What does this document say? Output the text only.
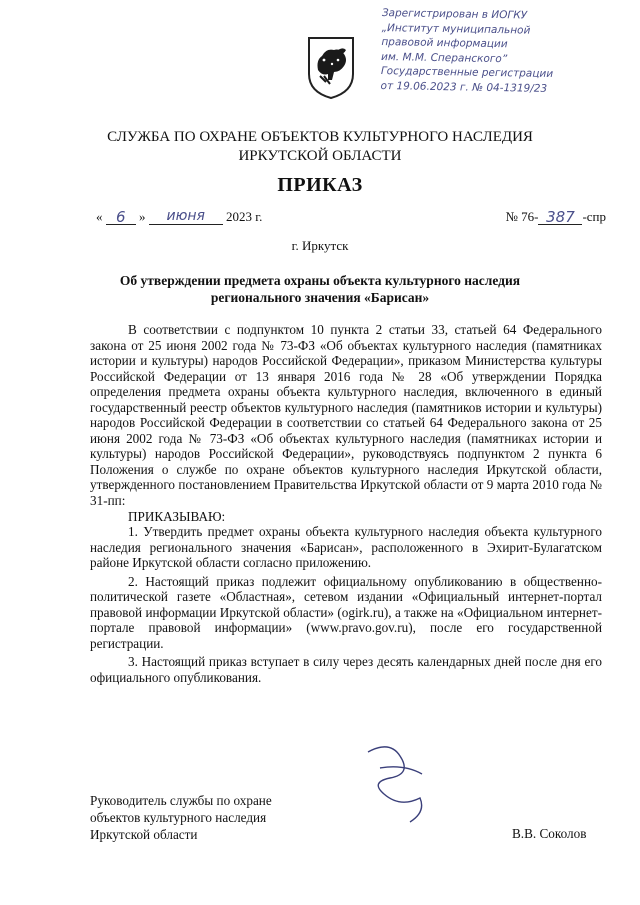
Зарегистрирован в ИОГКУ
„Институт муниципальной
правовой информации
им. М.М. Сперанского”
Государственные регистрации
от 19.06.2023 г. № 04-1319/23
СЛУЖБА ПО ОХРАНЕ ОБЪЕКТОВ КУЛЬТУРНОГО НАСЛЕДИЯ
ИРКУТСКОЙ ОБЛАСТИ
ПРИКАЗ
« 6 » июня 2023 г.	№ 76- 387 -спр
г. Иркутск
Об утверждении предмета охраны объекта культурного наследия
регионального значения «Барисан»

В соответствии с подпунктом 10 пункта 2 статьи 33, статьей 64 Федерального закона от 25 июня 2002 года № 73-ФЗ «Об объектах культурного наследия (памятниках истории и культуры) народов Российской Федерации», приказом Министерства культуры Российской Федерации от 13 января 2016 года № 28 «Об утверждении Порядка определения предмета охраны объекта культурного наследия, включенного в единый государственный реестр объектов культурного наследия (памятников истории и культуры) народов Российской Федерации в соответствии со статьей 64 Федерального закона от 25 июня 2002 года № 73-ФЗ «Об объектах культурного наследия (памятниках истории и культуры) народов Российской Федерации», руководствуясь подпунктом 2 пункта 6 Положения о службе по охране объектов культурного наследия Иркутской области, утвержденного постановлением Правительства Иркутской области от 9 марта 2010 года № 31-пп:

ПРИКАЗЫВАЮ:

1. Утвердить предмет охраны объекта культурного наследия объекта культурного наследия регионального значения «Барисан», расположенного в Эхирит-Булагатском районе Иркутской области согласно приложению.

2. Настоящий приказ подлежит официальному опубликованию в общественно-политической газете «Областная», сетевом издании «Официальный интернет-портал правовой информации Иркутской области» (ogirk.ru), а также на «Официальном интернет-портале правовой информации» (www.pravo.gov.ru), после его государственной регистрации.

3. Настоящий приказ вступает в силу через десять календарных дней после дня его официального опубликования.

Руководитель службы по охране
объектов культурного наследия
Иркутской области	В.В. Соколов
